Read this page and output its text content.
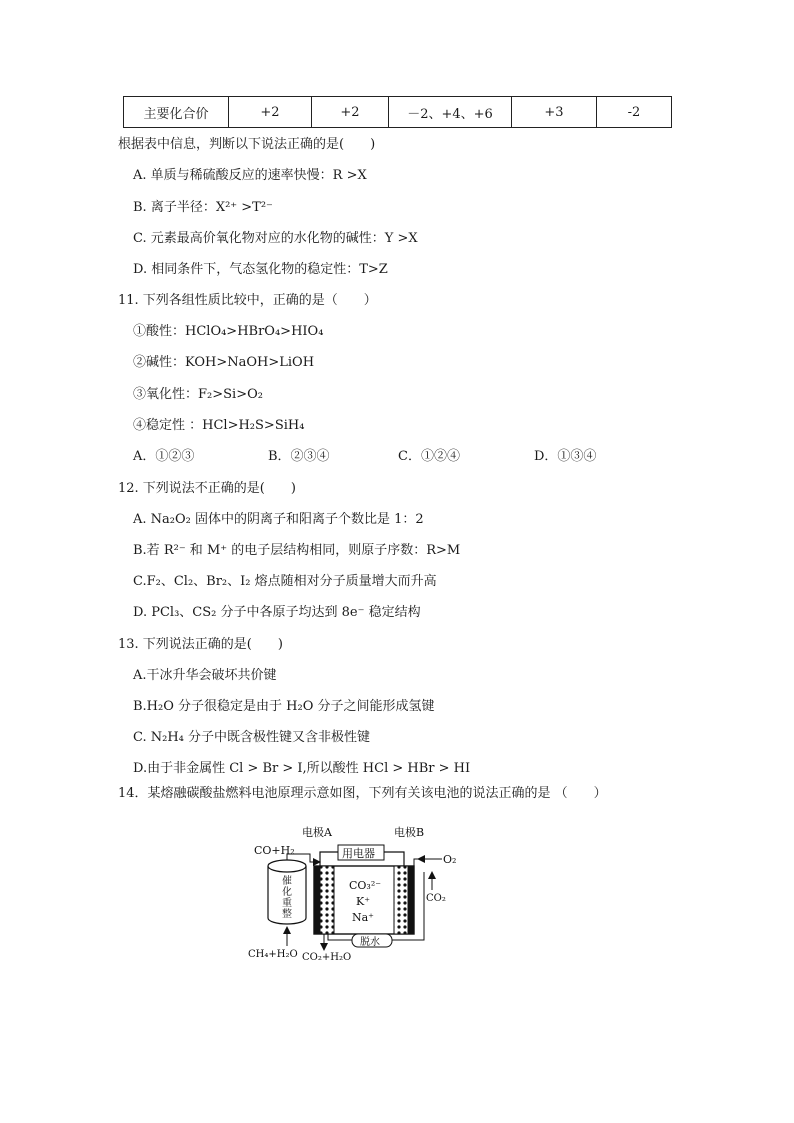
主要化合价	+2	+2	－2、+4、+6	+3	-2
根据表中信息，判断以下说法正确的是(　　)
A. 单质与稀硫酸反应的速率快慢：R >X
B. 离子半径：X²⁺ >T²⁻
C. 元素最高价氧化物对应的水化物的碱性：Y >X
D. 相同条件下，气态氢化物的稳定性：T>Z
11. 下列各组性质比较中，正确的是（　　）
①酸性：HClO₄>HBrO₄>HIO₄
②碱性：KOH>NaOH>LiOH
③氧化性：F₂>Si>O₂
④稳定性 ：HCl>H₂S>SiH₄
A．①②③	B．②③④	C．①②④	D．①③④
12. 下列说法不正确的是(　　)
A. Na₂O₂ 固体中的阴离子和阳离子个数比是 1：2
B.若 R²⁻ 和 M⁺ 的电子层结构相同，则原子序数：R>M
C.F₂、Cl₂、Br₂、I₂ 熔点随相对分子质量增大而升高
D. PCl₃、CS₂ 分子中各原子均达到 8e⁻ 稳定结构
13. 下列说法正确的是(　　)
A.干冰升华会破坏共价键
B.H₂O 分子很稳定是由于 H₂O 分子之间能形成氢键
C. N₂H₄ 分子中既含极性键又含非极性键
D.由于非金属性 Cl > Br > I,所以酸性 HCl > HBr > HI
14．某熔融碳酸盐燃料电池原理示意如图，下列有关该电池的说法正确的是 （　　）
电极A	电极B
CO+H₂	用电器	O₂
CO₂
催
化
重
整
CH₄+H₂O
CO₃²⁻
K⁺
Na⁺
CO₂+H₂O
脱水
